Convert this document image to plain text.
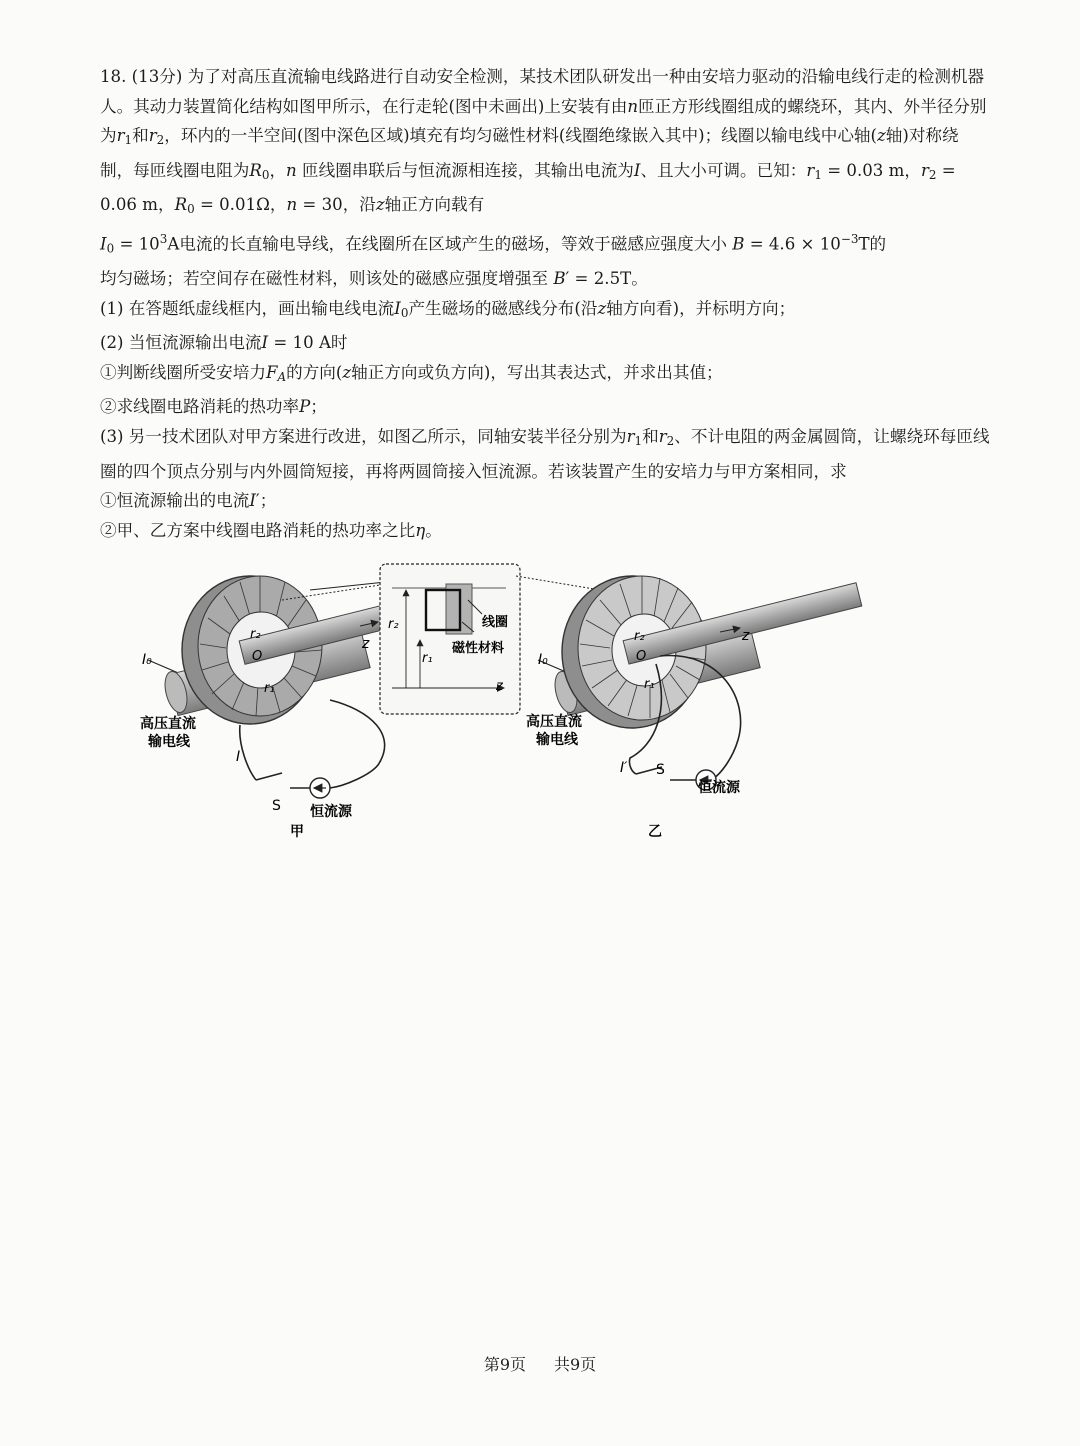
18. (13分) 为了对高压直流输电线路进行自动安全检测，某技术团队研发出一种由安培力驱动的沿输电线行走的检测机器人。其动力装置简化结构如图甲所示，在行走轮(图中未画出)上安装有由n匝正方形线圈组成的螺绕环，其内、外半径分别为$r_1$和$r_2$，环内的一半空间(图中深色区域)填充有均匀磁性材料(线圈绝缘嵌入其中)；线圈以输电线中心轴(z轴)对称绕制，每匝线圈电阻为$R_0$，n 匝线圈串联后与恒流源相连接，其输出电流为I、且大小可调。已知：$r_1 = 0.03$ m，$r_2 = 0.06$ m，$R_0 = 0.01\Omega$，n = 30，沿z轴正方向载有
$I_0 = 10^3A$电流的长直输电导线，在线圈所在区域产生的磁场，等效于磁感应强度大小 $B = 4.6 \times 10^{-3}T$的
均匀磁场；若空间存在磁性材料，则该处的磁感应强度增强至 B′ = 2.5T。

(1) 在答题纸虚线框内，画出输电线电流$I_0$产生磁场的磁感线分布(沿z轴方向看)，并标明方向；

(2) 当恒流源输出电流I = 10 A时

①判断线圈所受安培力$F_A$的方向(z轴正方向或负方向)，写出其表达式，并求出其值；

②求线圈电路消耗的热功率P；

(3) 另一技术团队对甲方案进行改进，如图乙所示，同轴安装半径分别为$r_1$和$r_2$、不计电阻的两金属圆筒，让螺绕环每匝线圈的四个顶点分别与内外圆筒短接，再将两圆筒接入恒流源。若该装置产生的安培力与甲方案相同，求

①恒流源输出的电流I′；

②甲、乙方案中线圈电路消耗的热功率之比η。

z
I₀
r₂
O
r₁
高压直流
输电线
I
S 恒流源
甲
线圈
磁性材料
r₂
r₁
z
z
I₀
r₂
O
r₁
高压直流
输电线
I′ S
恒流源
乙
第9页 共9页
